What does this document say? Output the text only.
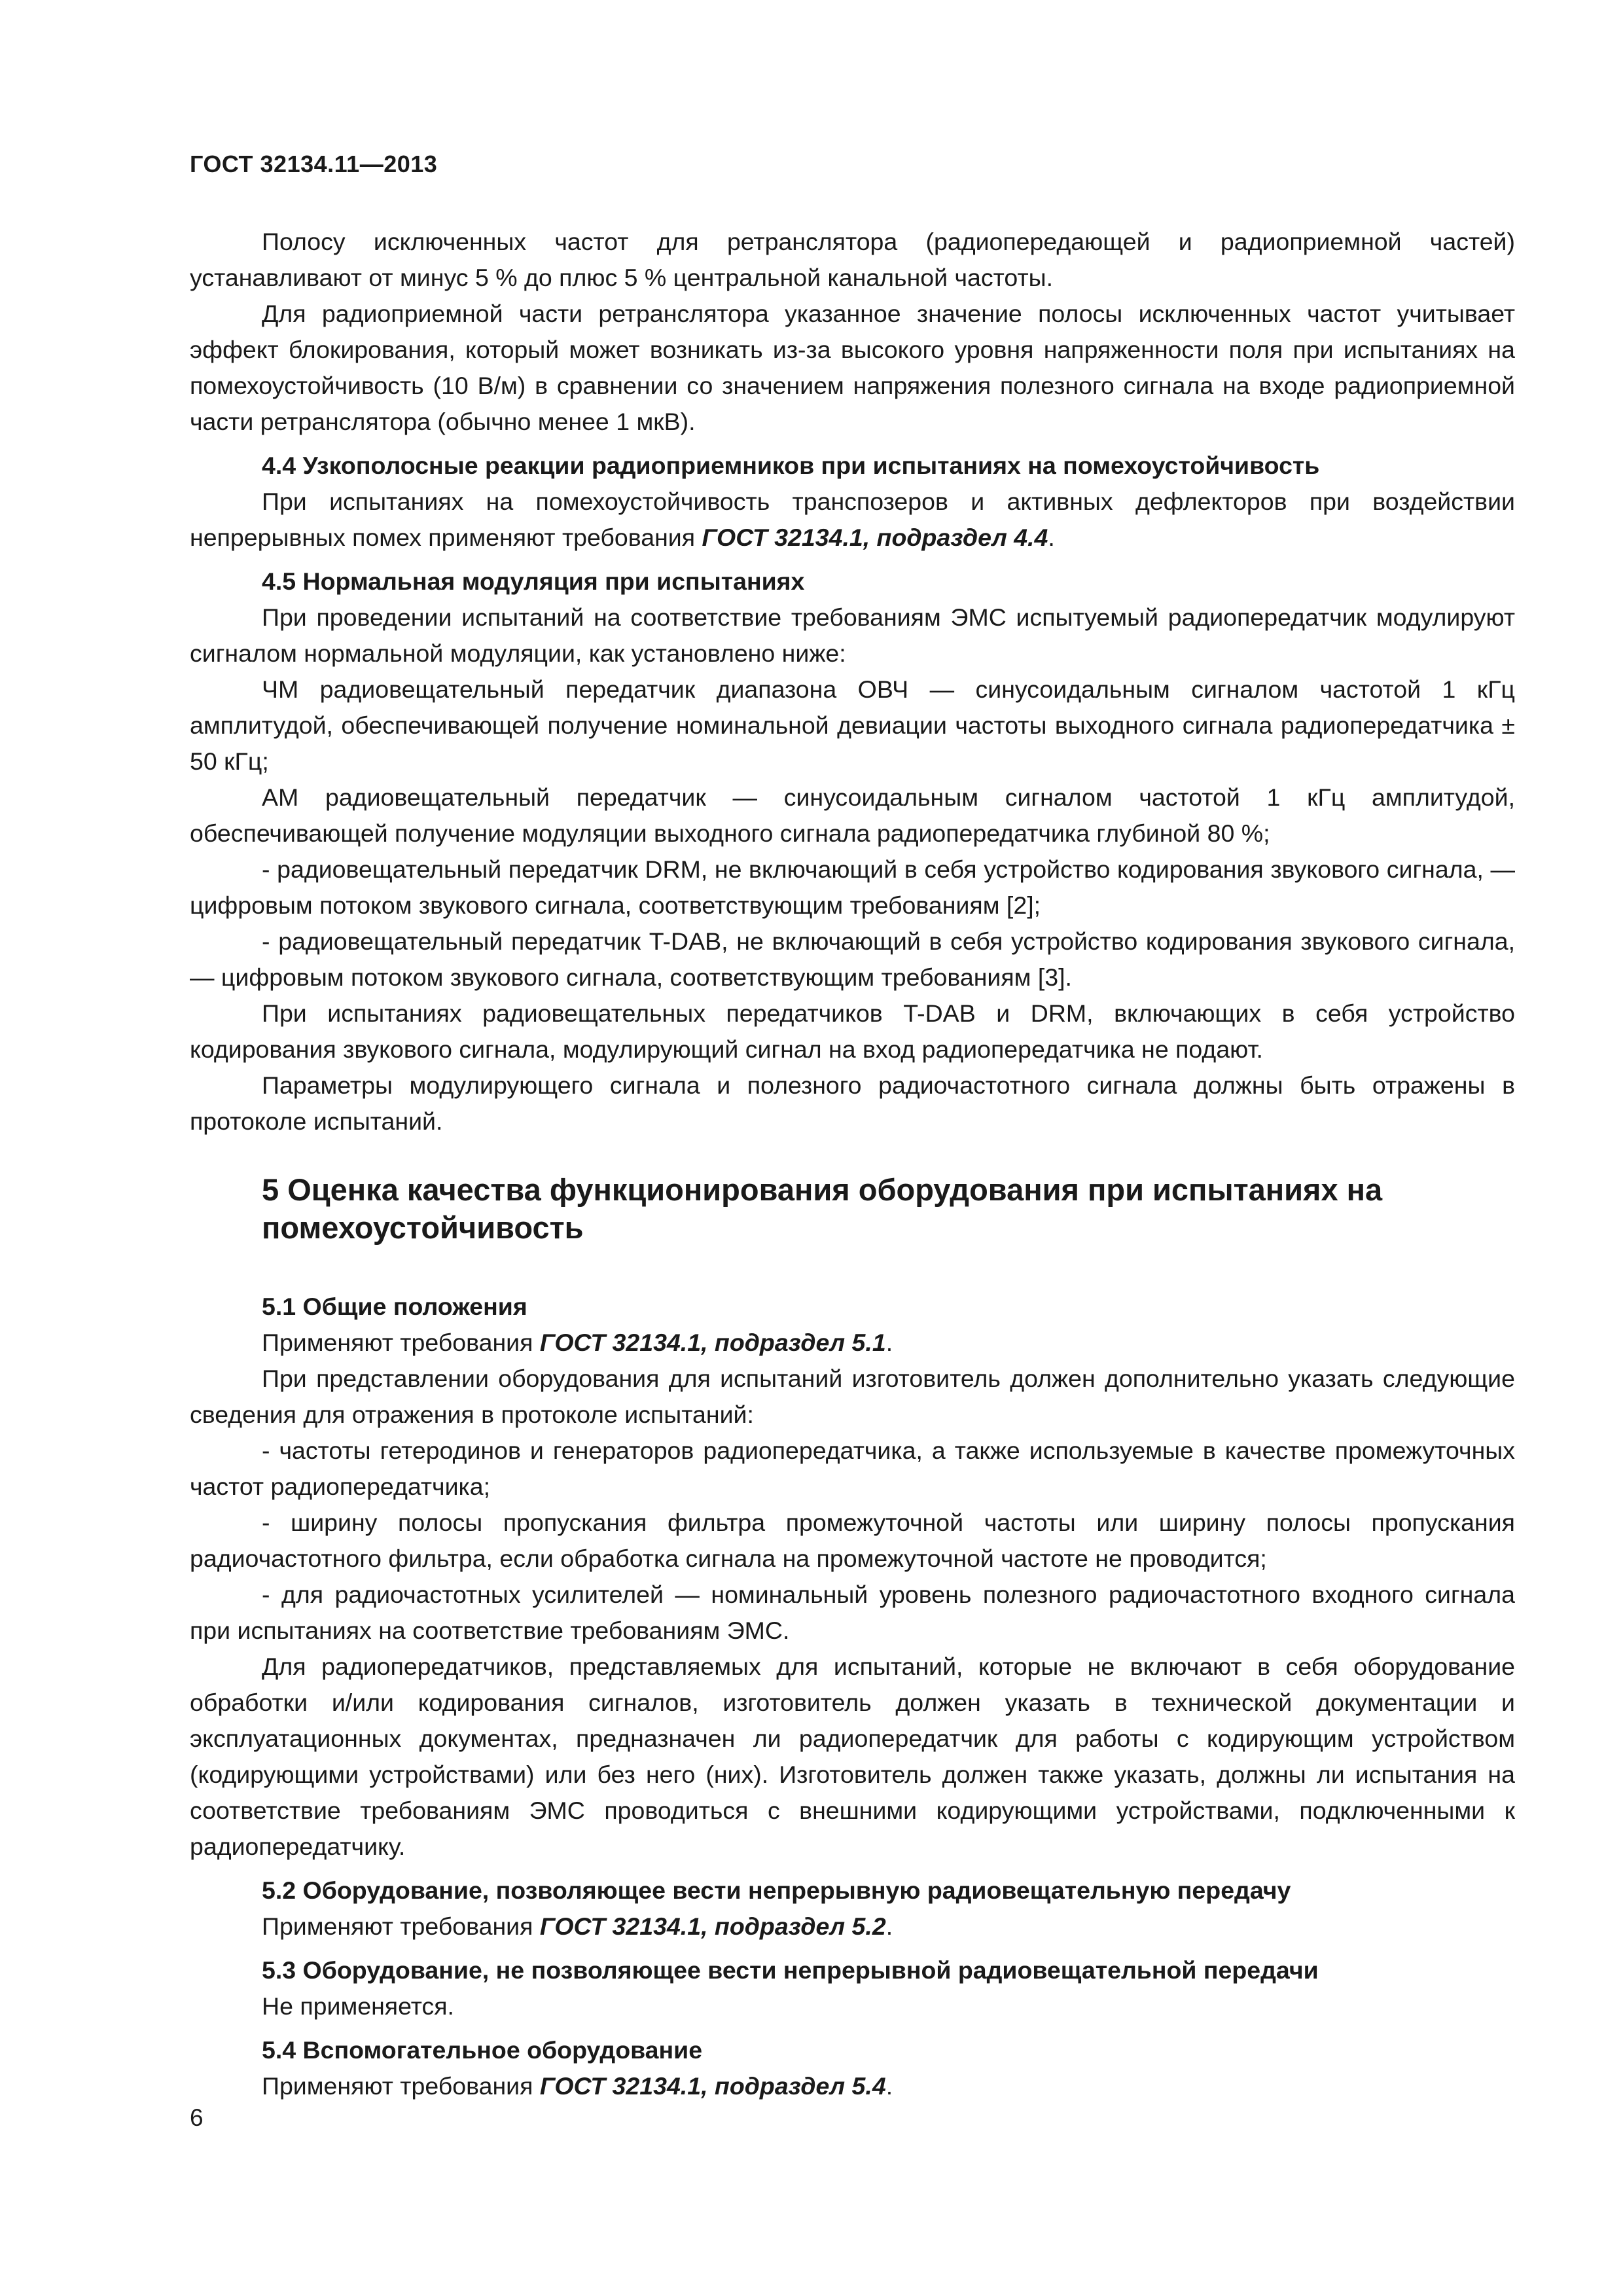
ГОСТ 32134.11—2013

Полосу исключенных частот для ретранслятора (радиопередающей и радиоприемной частей) устанавливают от минус 5 % до плюс 5 % центральной канальной частоты.

Для радиоприемной части ретранслятора указанное значение полосы исключенных частот учитывает эффект блокирования, который может возникать из-за высокого уровня напряженности поля при испытаниях на помехоустойчивость (10 В/м) в сравнении со значением напряжения полезного сигнала на входе радиоприемной части ретранслятора (обычно менее 1 мкВ).

4.4 Узкополосные реакции радиоприемников при испытаниях на помехоустойчивость

При испытаниях на помехоустойчивость транспозеров и активных дефлекторов при воздействии непрерывных помех применяют требования ГОСТ 32134.1, подраздел 4.4.

4.5 Нормальная модуляция при испытаниях

При проведении испытаний на соответствие требованиям ЭМС испытуемый радиопередатчик модулируют сигналом нормальной модуляции, как установлено ниже:

ЧМ радиовещательный передатчик диапазона ОВЧ — синусоидальным сигналом частотой 1 кГц амплитудой, обеспечивающей получение номинальной девиации частоты выходного сигнала радиопередатчика ± 50 кГц;

АМ радиовещательный передатчик — синусоидальным сигналом частотой 1 кГц амплитудой, обеспечивающей получение модуляции выходного сигнала радиопередатчика глубиной 80 %;

- радиовещательный передатчик DRM, не включающий в себя устройство кодирования звукового сигнала, — цифровым потоком звукового сигнала, соответствующим требованиям [2];

- радиовещательный передатчик T-DAB, не включающий в себя устройство кодирования звукового сигнала, — цифровым потоком звукового сигнала, соответствующим требованиям [3].

При испытаниях радиовещательных передатчиков T-DAB и DRM, включающих в себя устройство кодирования звукового сигнала, модулирующий сигнал на вход радиопередатчика не подают.

Параметры модулирующего сигнала и полезного радиочастотного сигнала должны быть отражены в протоколе испытаний.

5 Оценка качества функционирования оборудования при испытаниях на помехоустойчивость
5.1 Общие положения

Применяют требования ГОСТ 32134.1, подраздел 5.1.

При представлении оборудования для испытаний изготовитель должен дополнительно указать следующие сведения для отражения в протоколе испытаний:

- частоты гетеродинов и генераторов радиопередатчика, а также используемые в качестве промежуточных частот радиопередатчика;

- ширину полосы пропускания фильтра промежуточной частоты или ширину полосы пропускания радиочастотного фильтра, если обработка сигнала на промежуточной частоте не проводится;

- для радиочастотных усилителей — номинальный уровень полезного радиочастотного входного сигнала при испытаниях на соответствие требованиям ЭМС.

Для радиопередатчиков, представляемых для испытаний, которые не включают в себя оборудование обработки и/или кодирования сигналов, изготовитель должен указать в технической документации и эксплуатационных документах, предназначен ли радиопередатчик для работы с кодирующим устройством (кодирующими устройствами) или без него (них). Изготовитель должен также указать, должны ли испытания на соответствие требованиям ЭМС проводиться с внешними кодирующими устройствами, подключенными к радиопередатчику.

5.2 Оборудование, позволяющее вести непрерывную радиовещательную передачу

Применяют требования ГОСТ 32134.1, подраздел 5.2.

5.3 Оборудование, не позволяющее вести непрерывной радиовещательной передачи

Не применяется.

5.4 Вспомогательное оборудование

Применяют требования ГОСТ 32134.1, подраздел 5.4.

6
